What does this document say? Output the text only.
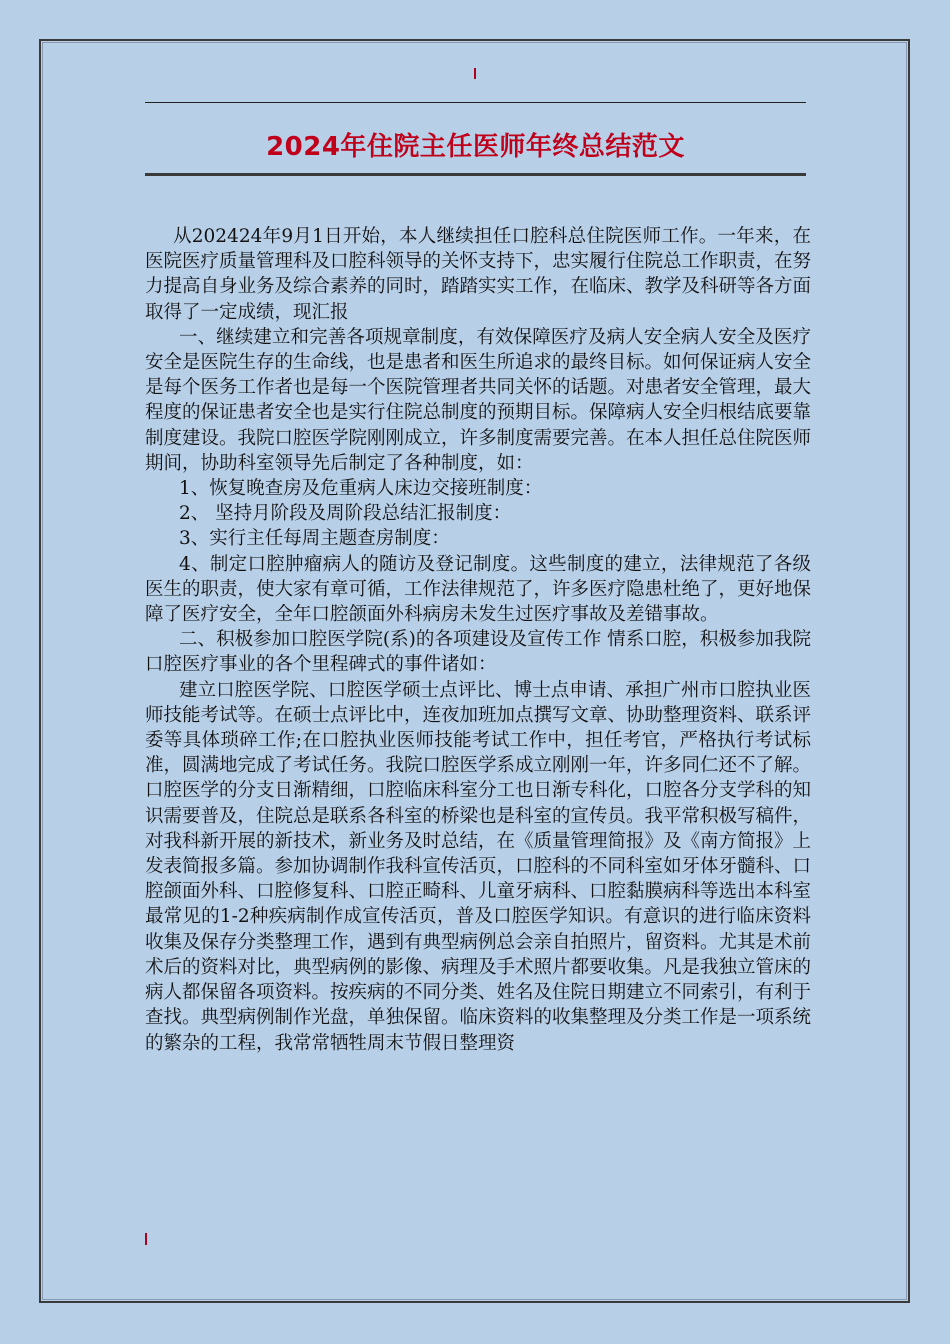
2024年住院主任医师年终总结范文

从202424年9月1日开始，本人继续担任口腔科总住院医师工作。一年来，在医院医疗质量管理科及口腔科领导的关怀支持下，忠实履行住院总工作职责，在努力提高自身业务及综合素养的同时，踏踏实实工作，在临床、教学及科研等各方面取得了一定成绩，现汇报

一、继续建立和完善各项规章制度，有效保障医疗及病人安全病人安全及医疗安全是医院生存的生命线，也是患者和医生所追求的最终目标。如何保证病人安全是每个医务工作者也是每一个医院管理者共同关怀的话题。对患者安全管理，最大程度的保证患者安全也是实行住院总制度的预期目标。保障病人安全归根结底要靠制度建设。我院口腔医学院刚刚成立，许多制度需要完善。在本人担任总住院医师期间，协助科室领导先后制定了各种制度，如：

1、恢复晚查房及危重病人床边交接班制度：

2、 坚持月阶段及周阶段总结汇报制度：

3、实行主任每周主题查房制度：

4、制定口腔肿瘤病人的随访及登记制度。这些制度的建立，法律规范了各级医生的职责，使大家有章可循，工作法律规范了，许多医疗隐患杜绝了，更好地保障了医疗安全，全年口腔颌面外科病房未发生过医疗事故及差错事故。

二、积极参加口腔医学院(系)的各项建设及宣传工作 情系口腔，积极参加我院口腔医疗事业的各个里程碑式的事件诸如：

建立口腔医学院、口腔医学硕士点评比、博士点申请、承担广州市口腔执业医师技能考试等。在硕士点评比中，连夜加班加点撰写文章、协助整理资料、联系评委等具体琐碎工作;在口腔执业医师技能考试工作中，担任考官，严格执行考试标准，圆满地完成了考试任务。我院口腔医学系成立刚刚一年，许多同仁还不了解。口腔医学的分支日渐精细，口腔临床科室分工也日渐专科化，口腔各分支学科的知识需要普及，住院总是联系各科室的桥梁也是科室的宣传员。我平常积极写稿件，对我科新开展的新技术，新业务及时总结，在《质量管理简报》及《南方简报》上发表简报多篇。参加协调制作我科宣传活页，口腔科的不同科室如牙体牙髓科、口腔颌面外科、口腔修复科、口腔正畸科、儿童牙病科、口腔黏膜病科等选出本科室最常见的1-2种疾病制作成宣传活页，普及口腔医学知识。有意识的进行临床资料收集及保存分类整理工作，遇到有典型病例总会亲自拍照片，留资料。尤其是术前术后的资料对比，典型病例的影像、病理及手术照片都要收集。凡是我独立管床的病人都保留各项资料。按疾病的不同分类、姓名及住院日期建立不同索引，有利于查找。典型病例制作光盘，单独保留。临床资料的收集整理及分类工作是一项系统的繁杂的工程，我常常牺牲周末节假日整理资
